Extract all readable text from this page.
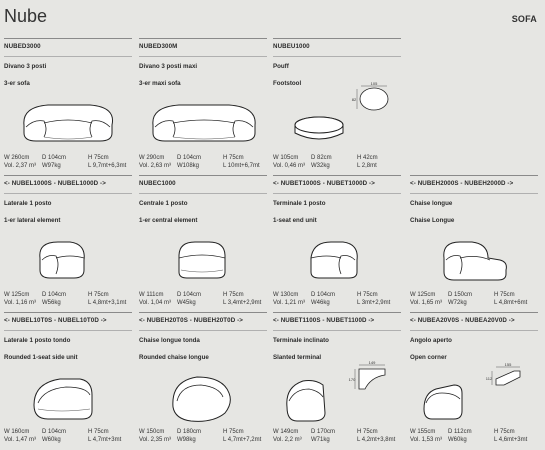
Nube	SOFA
NUBED3000
Divano 3 posti
3-er sofa
W 260cm D 104cm	H 75cm
Vol. 2,37 m³ W97kg	L 9,7mt+6,3mt
NUBED300M
Divano 3 posti maxi
3-er maxi sofa
W 290cm D 104cm	H 75cm
Vol. 2,63 m³ W108kg	L 10mt+6,7mt
NUBEU1000
Pouff
Footstool	105
82
W 105cm D 82cm	H 42cm
Vol. 0,46 m³ W32kg	L 2,8mt
<- NUBEL1000S - NUBEL1000D ->
Laterale 1 posto
1-er lateral element
W 125cm D 104cm	H 75cm
Vol. 1,16 m³ W56kg	L 4,8mt+3,1mt
NUBEC1000
Centrale 1 posto
1-er central element
W 111cm D 104cm	H 75cm
Vol. 1,04 m³ W45kg	L 3,4mt+2,9mt
<- NUBET1000S - NUBET1000D ->
Terminale 1 posto
1-seat end unit
W 130cm D 104cm	H 75cm
Vol. 1,21 m³ W46kg	L 3mt+2,9mt
<- NUBEH2000S - NUBEH2000D ->
Chaise longue
Chaise Longue
W 125cm D 150cm	H 75cm
Vol. 1,65 m³ W72kg	L 4,8mt+6mt
<- NUBEL10T0S - NUBEL10T0D ->
Laterale 1 posto tondo
Rounded 1-seat side unit
W 160cm D 104cm	H 75cm
Vol. 1,47 m³ W60kg	L 4,7mt+3mt
<- NUBEH20T0S - NUBEH20T0D ->
Chaise longue tonda
Rounded chaise longue
W 150cm D 180cm	H 75cm
Vol. 2,35 m³ W98kg	L 4,7mt+7,2mt
<- NUBET1100S - NUBET1100D ->
Terminale inclinato
Slanted terminal
149
170
W 149cm D 170cm	H 75cm
Vol. 2,2 m³ W71kg	L 4,2mt+3,8mt
<- NUBEA20V0S - NUBEA20V0D ->
Angolo aperto
Open corner
155
112
W 155cm D 112cm	H 75cm
Vol. 1,53 m³ W60kg	L 4,6mt+3mt
